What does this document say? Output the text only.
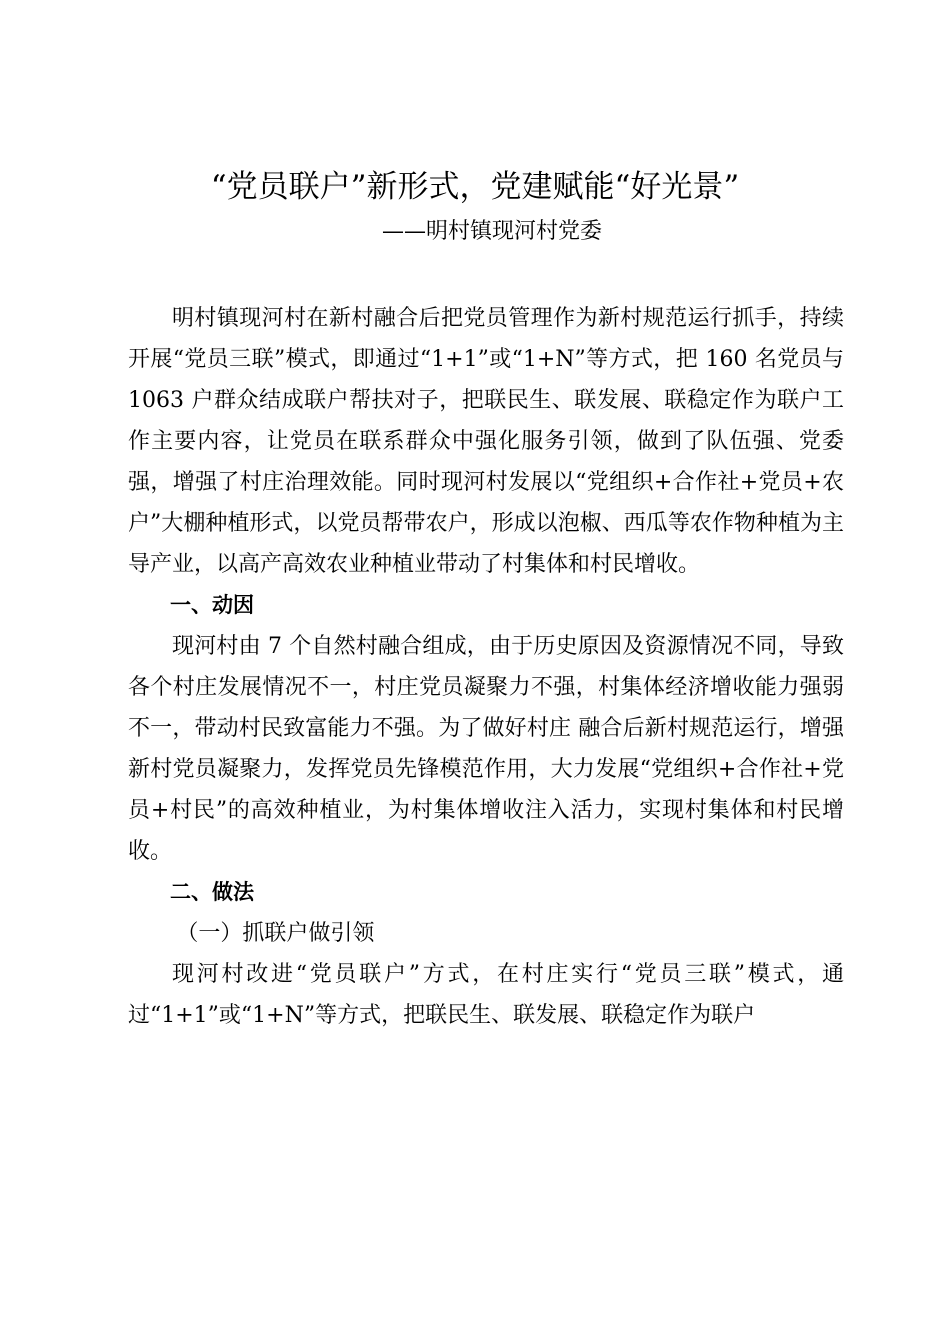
“党员联户”新形式，党建赋能“好光景”
——明村镇现河村党委

明村镇现河村在新村融合后把党员管理作为新村规范运行抓手，持续开展“党员三联”模式，即通过“1+1”或“1+N”等方式，把 160 名党员与 1063 户群众结成联户帮扶对子，把联民生、联发展、联稳定作为联户工作主要内容，让党员在联系群众中强化服务引领，做到了队伍强、党委强，增强了村庄治理效能。同时现河村发展以“党组织+合作社+党员+农户”大棚种植形式，以党员帮带农户，形成以泡椒、西瓜等农作物种植为主导产业，以高产高效农业种植业带动了村集体和村民增收。

一、动因

现河村由 7 个自然村融合组成，由于历史原因及资源情况不同，导致各个村庄发展情况不一，村庄党员凝聚力不强，村集体经济增收能力强弱不一，带动村民致富能力不强。为了做好村庄 融合后新村规范运行，增强新村党员凝聚力，发挥党员先锋模范作用，大力发展“党组织+合作社+党员+村民”的高效种植业，为村集体增收注入活力，实现村集体和村民增收。

二、做法

（一）抓联户做引领

现河村改进“党员联户”方式，在村庄实行“党员三联”模式，通过“1+1”或“1+N”等方式，把联民生、联发展、联稳定作为联户
